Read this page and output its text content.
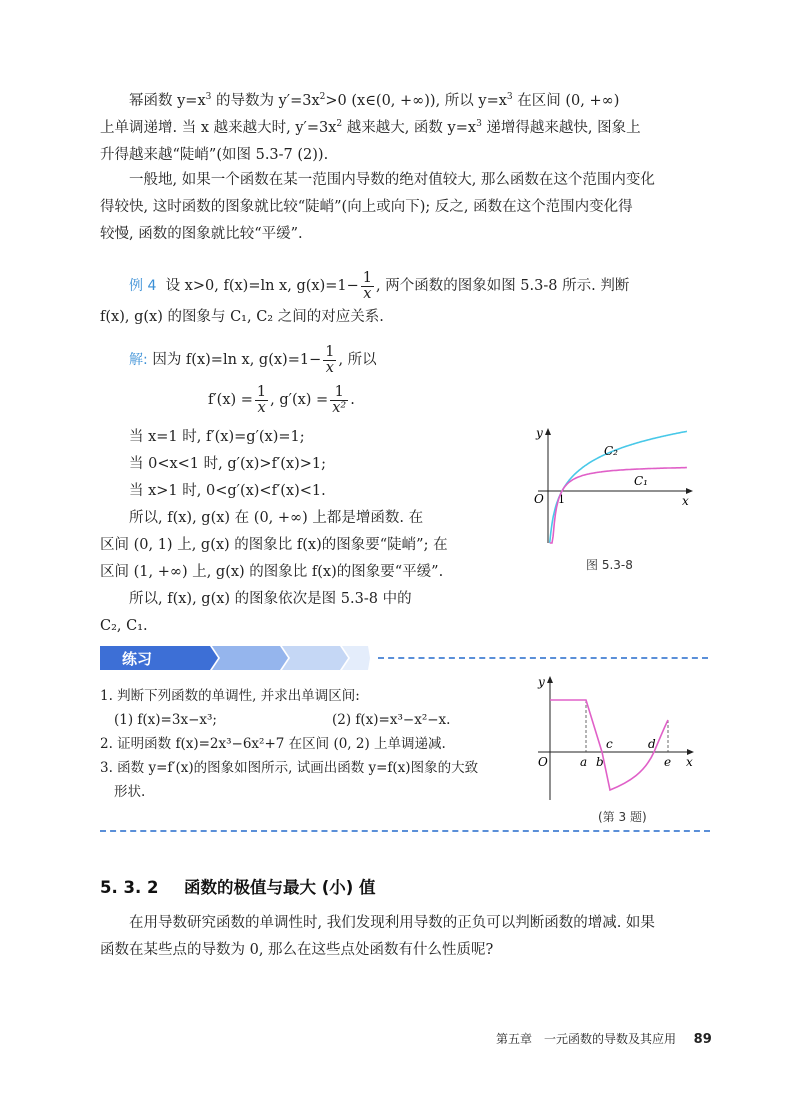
幂函数 $y=x^3$ 的导数为 $y'=3x^2>0$ (x∈(0, +∞)), 所以 $y=x^3$ 在区间 (0, +∞)
上单调递增. 当 x 越来越大时, $y'=3x^2$ 越来越大, 函数 $y=x^3$ 递增得越来越快, 图象上
升得越来越“陡峭”(如图 5.3-7 (2)).
一般地, 如果一个函数在某一范围内导数的绝对值较大, 那么函数在这个范围内变化
得较快, 这时函数的图象就比较“陡峭”(向上或向下); 反之, 函数在这个范围内变化得
较慢, 函数的图象就比较“平缓”.
例 4 设 x>0, f(x)=ln x, $g(x)=1- \frac{1}{x}$ , 两个函数的图象如图 5.3-8 所示. 判断
f(x), g(x) 的图象与 C₁, C₂ 之间的对应关系.
解: 因为 f(x)=ln x, $g(x)=1- \frac{1}{x}$ , 所以
$f'(x) = \frac{1}{x}$ , $g'(x) = \frac{1}{\text{x²}}$ .
当 x=1 时, f′(x)=g′(x)=1;
当 0<x<1 时, g′(x)>f′(x)>1;
当 x>1 时, 0<g′(x)<f′(x)<1.
所以, f(x), g(x) 在 (0, +∞) 上都是增函数. 在
区间 (0, 1) 上, g(x) 的图象比 f(x)的图象要“陡峭”; 在
区间 (1, +∞) 上, g(x) 的图象比 f(x)的图象要“平缓”.
所以, f(x), g(x) 的图象依次是图 5.3-8 中的
C₂, C₁.
y
x
O 1
C₂
C₁
图 5.3-8
练习
1. 判断下列函数的单调性, 并求出单调区间:
(1) f(x)=3x−x³;	(2) f(x)=x³−x²−x.
2. 证明函数 f(x)=2x³−6x²+7 在区间 (0, 2) 上单调递减.
3. 函数 y=f′(x)的图象如图所示, 试画出函数 y=f(x)图象的大致
形状.
y
x
O	a b
c	d
e
(第 3 题)
5. 3. 2 函数的极值与最大 (小) 值
在用导数研究函数的单调性时, 我们发现利用导数的正负可以判断函数的增减. 如果
函数在某些点的导数为 0, 那么在这些点处函数有什么性质呢?
第五章　一元函数的导数及其应用 89
